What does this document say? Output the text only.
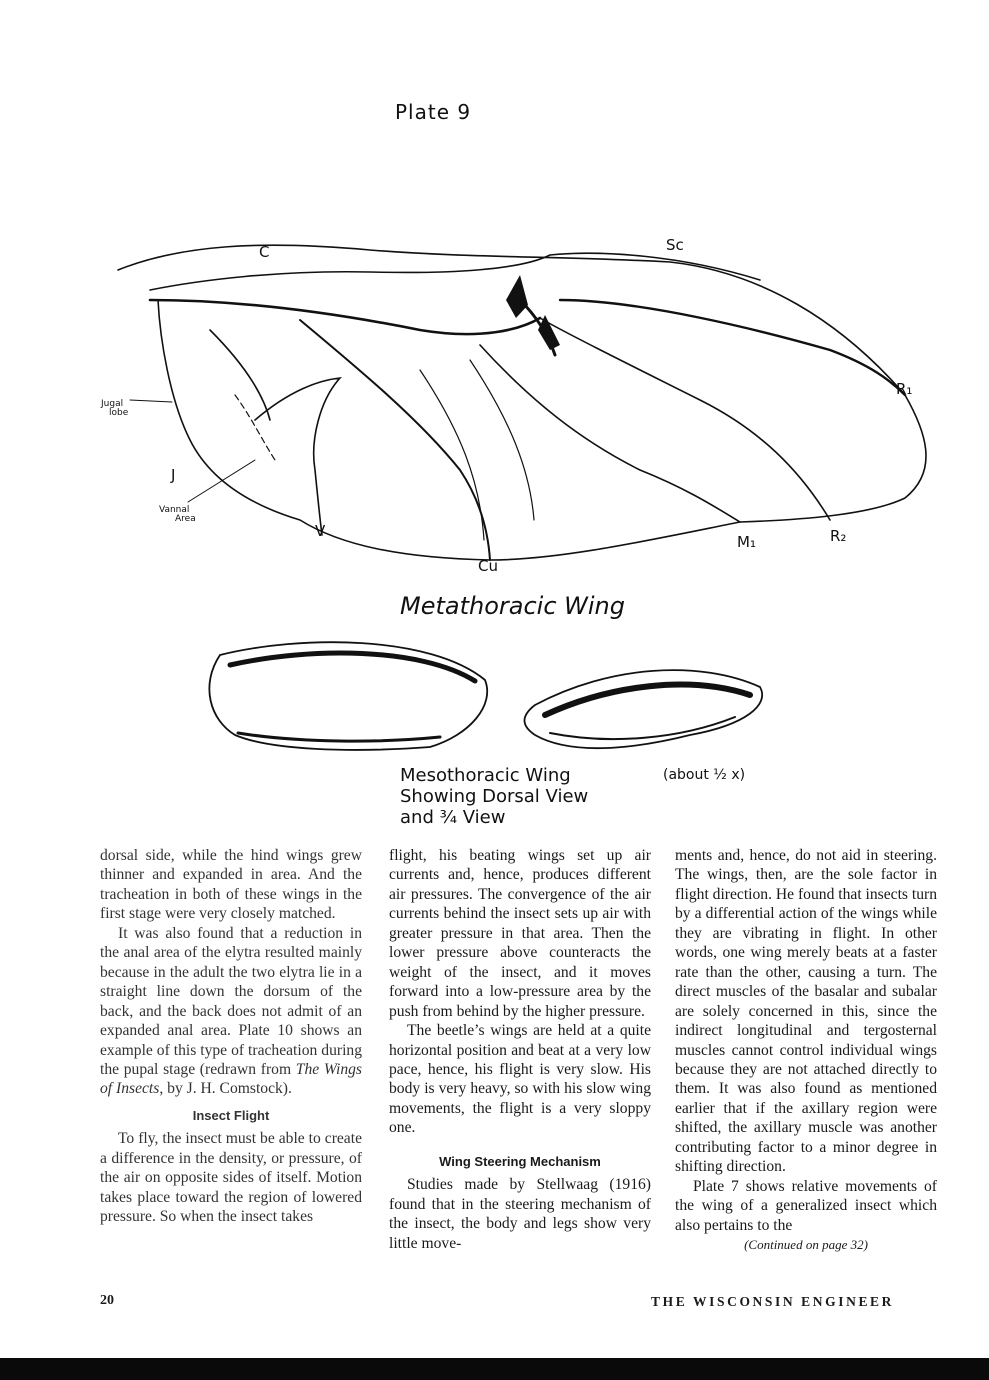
Plate 9
C	Sc
R₁
R₂
M₁
Cu
V
J
Jugal
lobe
Vannal
Area
Metathoracic Wing
Mesothoracic Wing
Showing Dorsal View
and ¾ View
(about ½ x)

dorsal side, while the hind wings grew thinner and expanded in area. And the tracheation in both of these wings in the first stage were very closely matched.

It was also found that a reduction in the anal area of the elytra resulted mainly because in the adult the two elytra lie in a straight line down the dorsum of the back, and the back does not admit of an expanded anal area. Plate 10 shows an example of this type of tracheation during the pupal stage (redrawn from The Wings of Insects, by J. H. Comstock).

Insect Flight

To fly, the insect must be able to create a difference in the density, or pressure, of the air on opposite sides of itself. Motion takes place toward the region of lowered pressure. So when the insect takes

flight, his beating wings set up air currents and, hence, produces different air pressures. The convergence of the air currents behind the insect sets up air with greater pressure in that area. Then the lower pressure above counteracts the weight of the insect, and it moves forward into a low-pressure area by the push from behind by the higher pressure.

The beetle’s wings are held at a quite horizontal position and beat at a very low pace, hence, his flight is very slow. His body is very heavy, so with his slow wing movements, the flight is a very sloppy one.

Wing Steering Mechanism

Studies made by Stellwaag (1916) found that in the steering mechanism of the insect, the body and legs show very little move-

ments and, hence, do not aid in steering. The wings, then, are the sole factor in flight direction. He found that insects turn by a differential action of the wings while they are vibrating in flight. In other words, one wing merely beats at a faster rate than the other, causing a turn. The direct muscles of the basalar and subalar are solely concerned in this, since the indirect longitudinal and tergosternal muscles cannot control individual wings because they are not attached directly to them. It was also found as mentioned earlier that if the axillary region were shifted, the axillary muscle was another contributing factor to a minor degree in shifting direction.

Plate 7 shows relative movements of the wing of a generalized insect which also pertains to the

(Continued on page 32)

20	THE WISCONSIN ENGINEER
